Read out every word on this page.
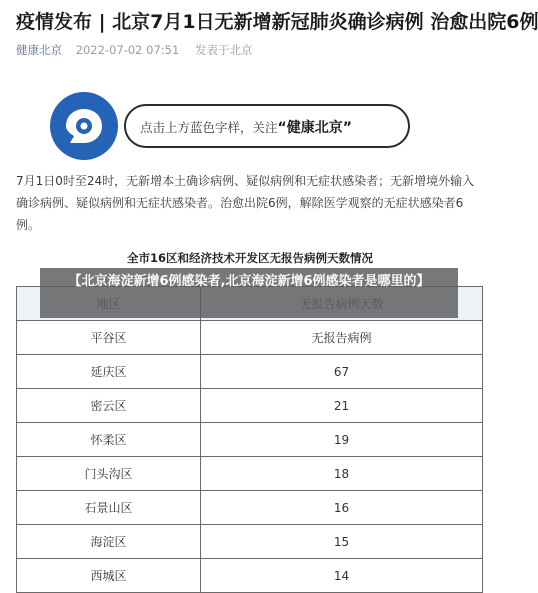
疫情发布 | 北京7月1日无新增新冠肺炎确诊病例 治愈出院6例
健康北京 2022-07-02 07:51 发表于北京
点击上方蓝色字样，关注“健康北京”
7月1日0时至24时，无新增本土确诊病例、疑似病例和无症状感染者；无新增境外输入确诊病例、疑似病例和无症状感染者。治愈出院6例，解除医学观察的无症状感染者6例。
全市16区和经济技术开发区无报告病例天数情况

平谷区	无报告病例
延庆区	67
密云区	21
怀柔区	19
门头沟区	18
石景山区	16
海淀区	15
西城区	14
【北京海淀新增6例感染者,北京海淀新增6例感染者是哪里的】
